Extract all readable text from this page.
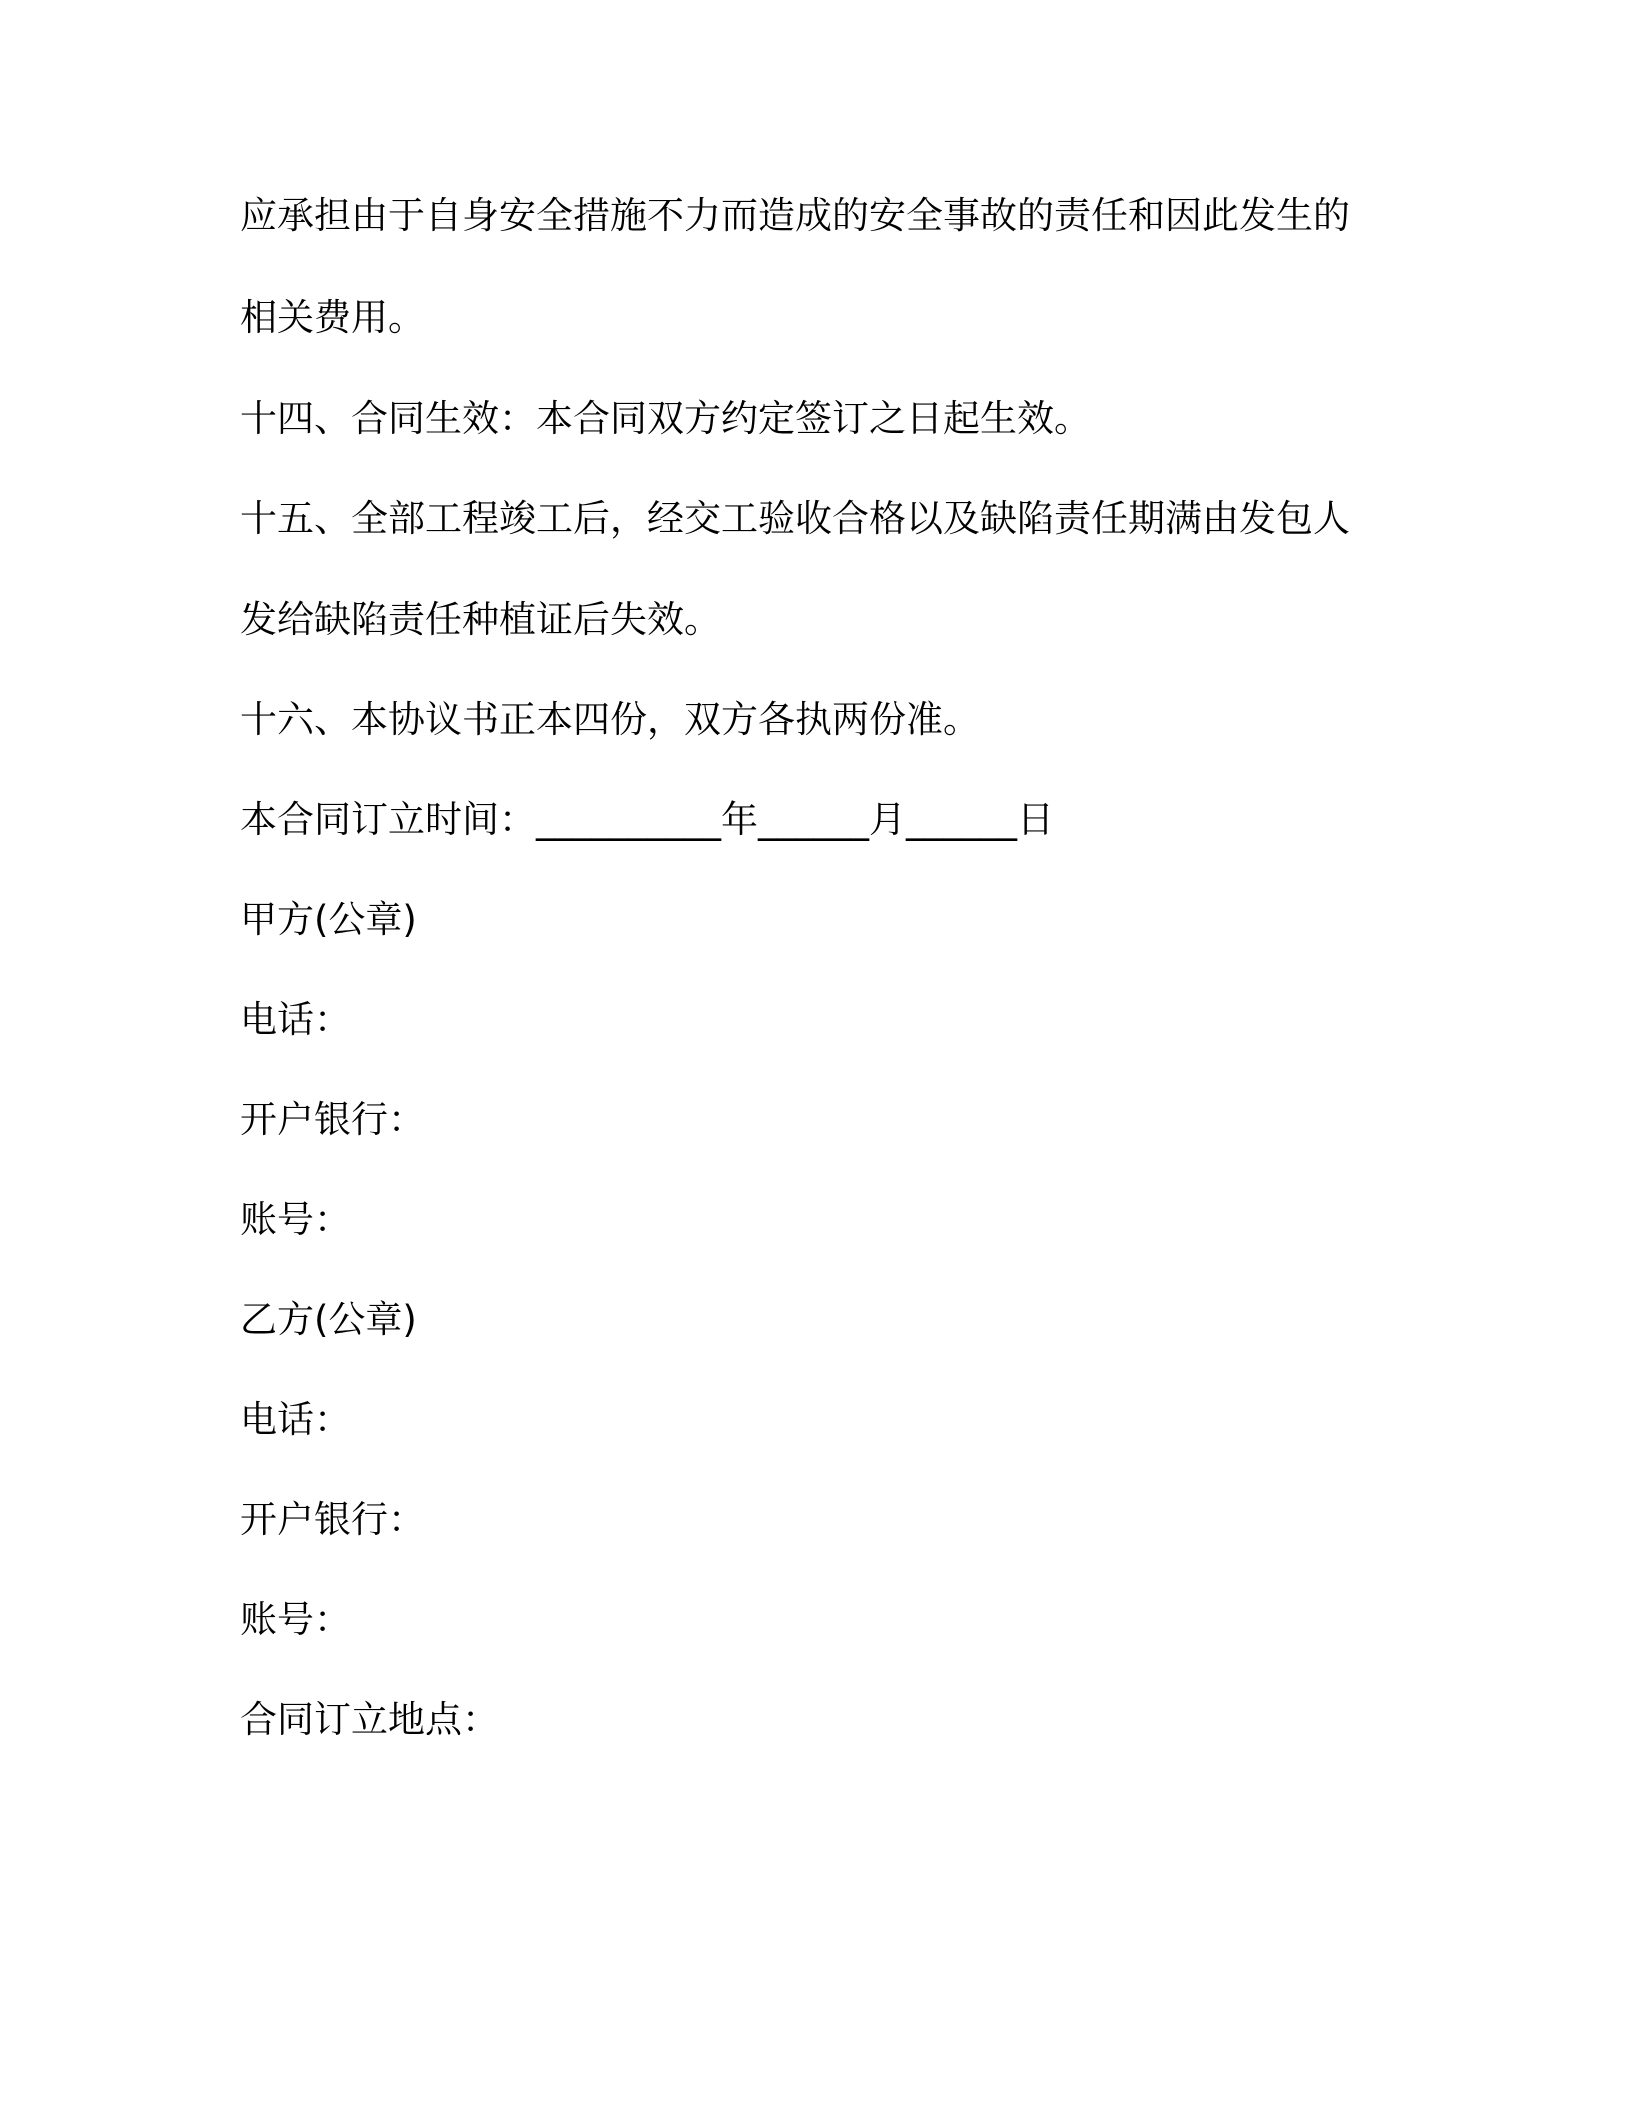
应承担由于自身安全措施不力而造成的安全事故的责任和因此发生的
相关费用。
十四、合同生效：本合同双方约定签订之日起生效。
十五、全部工程竣工后，经交工验收合格以及缺陷责任期满由发包人
发给缺陷责任种植证后失效。
十六、本协议书正本四份，双方各执两份准。
本合同订立时间：__________年______月______日
甲方(公章)
电话：
开户银行：
账号：
乙方(公章)
电话：
开户银行：
账号：
合同订立地点：
